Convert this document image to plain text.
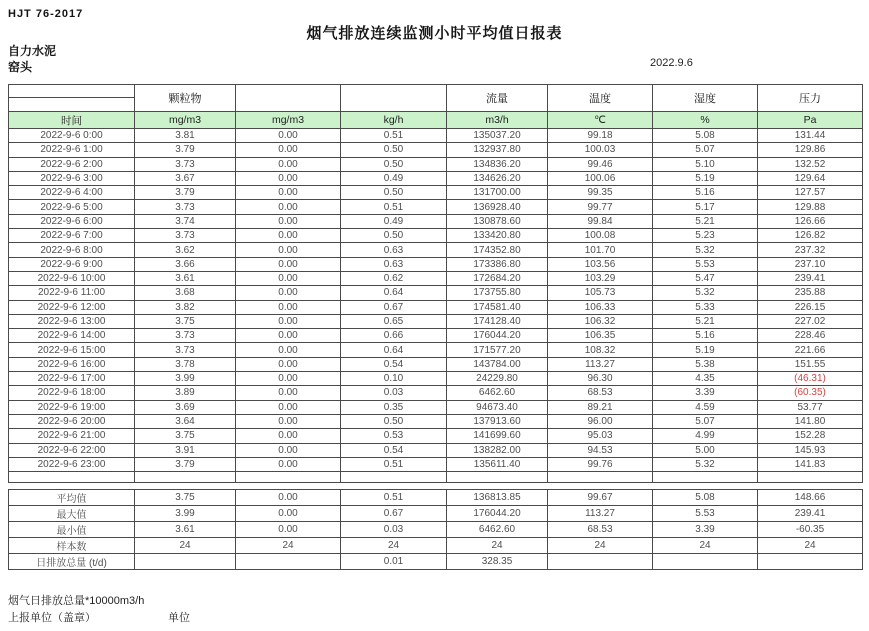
HJT 76-2017
烟气排放连续监测小时平均值日报表
自力水泥
窑头	2022.9.6
	颗粒物			流量	温度	湿度	压力

时间	mg/m3	mg/m3	kg/h	m3/h	℃	%	Pa
2022-9-6 0:00	3.81	0.00	0.51	135037.20	99.18	5.08	131.44
2022-9-6 1:00	3.79	0.00	0.50	132937.80	100.03	5.07	129.86
2022-9-6 2:00	3.73	0.00	0.50	134836.20	99.46	5.10	132.52
2022-9-6 3:00	3.67	0.00	0.49	134626.20	100.06	5.19	129.64
2022-9-6 4:00	3.79	0.00	0.50	131700.00	99.35	5.16	127.57
2022-9-6 5:00	3.73	0.00	0.51	136928.40	99.77	5.17	129.88
2022-9-6 6:00	3.74	0.00	0.49	130878.60	99.84	5.21	126.66
2022-9-6 7:00	3.73	0.00	0.50	133420.80	100.08	5.23	126.82
2022-9-6 8:00	3.62	0.00	0.63	174352.80	101.70	5.32	237.32
2022-9-6 9:00	3.66	0.00	0.63	173386.80	103.56	5.53	237.10
2022-9-6 10:00	3.61	0.00	0.62	172684.20	103.29	5.47	239.41
2022-9-6 11:00	3.68	0.00	0.64	173755.80	105.73	5.32	235.88
2022-9-6 12:00	3.82	0.00	0.67	174581.40	106.33	5.33	226.15
2022-9-6 13:00	3.75	0.00	0.65	174128.40	106.32	5.21	227.02
2022-9-6 14:00	3.73	0.00	0.66	176044.20	106.35	5.16	228.46
2022-9-6 15:00	3.73	0.00	0.64	171577.20	108.32	5.19	221.66
2022-9-6 16:00	3.78	0.00	0.54	143784.00	113.27	5.38	151.55
2022-9-6 17:00	3.99	0.00	0.10	24229.80	96.30	4.35	(46.31)
2022-9-6 18:00	3.89	0.00	0.03	6462.60	68.53	3.39	(60.35)
2022-9-6 19:00	3.69	0.00	0.35	94673.40	89.21	4.59	53.77
2022-9-6 20:00	3.64	0.00	0.50	137913.60	96.00	5.07	141.80
2022-9-6 21:00	3.75	0.00	0.53	141699.60	95.03	4.99	152.28
2022-9-6 22:00	3.91	0.00	0.54	138282.00	94.53	5.00	145.93
2022-9-6 23:00	3.79	0.00	0.51	135611.40	99.76	5.32	141.83

平均值	3.75	0.00	0.51	136813.85	99.67	5.08	148.66
最大值	3.99	0.00	0.67	176044.20	113.27	5.53	239.41
最小值	3.61	0.00	0.03	6462.60	68.53	3.39	-60.35
样本数	24	24	24	24	24	24	24
日排放总量 (t/d)			0.01	328.35			
烟气日排放总量*10000m3/h
上报单位（盖章）	单位
